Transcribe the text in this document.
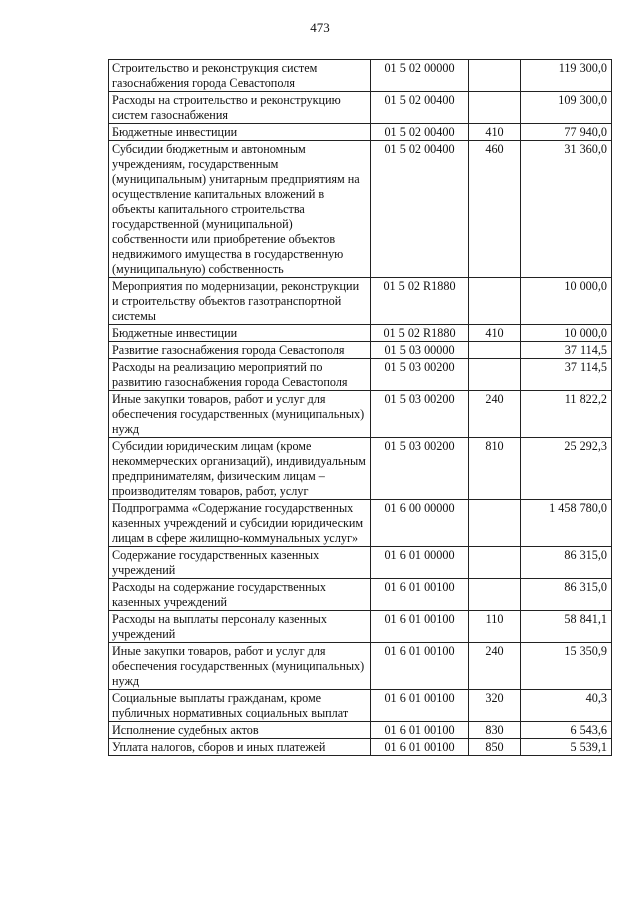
473
Строительство и реконструкция систем газоснабжения города Севастополя	01 5 02 00000		119 300,0
Расходы на строительство и реконструкцию систем газоснабжения	01 5 02 00400		109 300,0
Бюджетные инвестиции	01 5 02 00400	410	77 940,0
Субсидии бюджетным и автономным учреждениям, государственным (муниципальным) унитарным предприятиям на осуществление капитальных вложений в объекты капитального строительства государственной (муниципальной) собственности или приобретение объектов недвижимого имущества в государственную (муниципальную) собственность	01 5 02 00400	460	31 360,0
Мероприятия по модернизации, реконструкции и строительству объектов газотранспортной системы	01 5 02 R1880		10 000,0
Бюджетные инвестиции	01 5 02 R1880	410	10 000,0
Развитие газоснабжения города Севастополя	01 5 03 00000		37 114,5
Расходы на реализацию мероприятий по развитию газоснабжения города Севастополя	01 5 03 00200		37 114,5
Иные закупки товаров, работ и услуг для обеспечения государственных (муниципальных) нужд	01 5 03 00200	240	11 822,2
Субсидии юридическим лицам (кроме некоммерческих организаций), индивидуальным предпринимателям, физическим лицам – производителям товаров, работ, услуг	01 5 03 00200	810	25 292,3
Подпрограмма «Содержание государственных казенных учреждений и субсидии юридическим лицам в сфере жилищно-коммунальных услуг»	01 6 00 00000		1 458 780,0
Содержание государственных казенных учреждений	01 6 01 00000		86 315,0
Расходы на содержание государственных казенных учреждений	01 6 01 00100		86 315,0
Расходы на выплаты персоналу казенных учреждений	01 6 01 00100	110	58 841,1
Иные закупки товаров, работ и услуг для обеспечения государственных (муниципальных) нужд	01 6 01 00100	240	15 350,9
Социальные выплаты гражданам, кроме публичных нормативных социальных выплат	01 6 01 00100	320	40,3
Исполнение судебных актов	01 6 01 00100	830	6 543,6
Уплата налогов, сборов и иных платежей	01 6 01 00100	850	5 539,1
